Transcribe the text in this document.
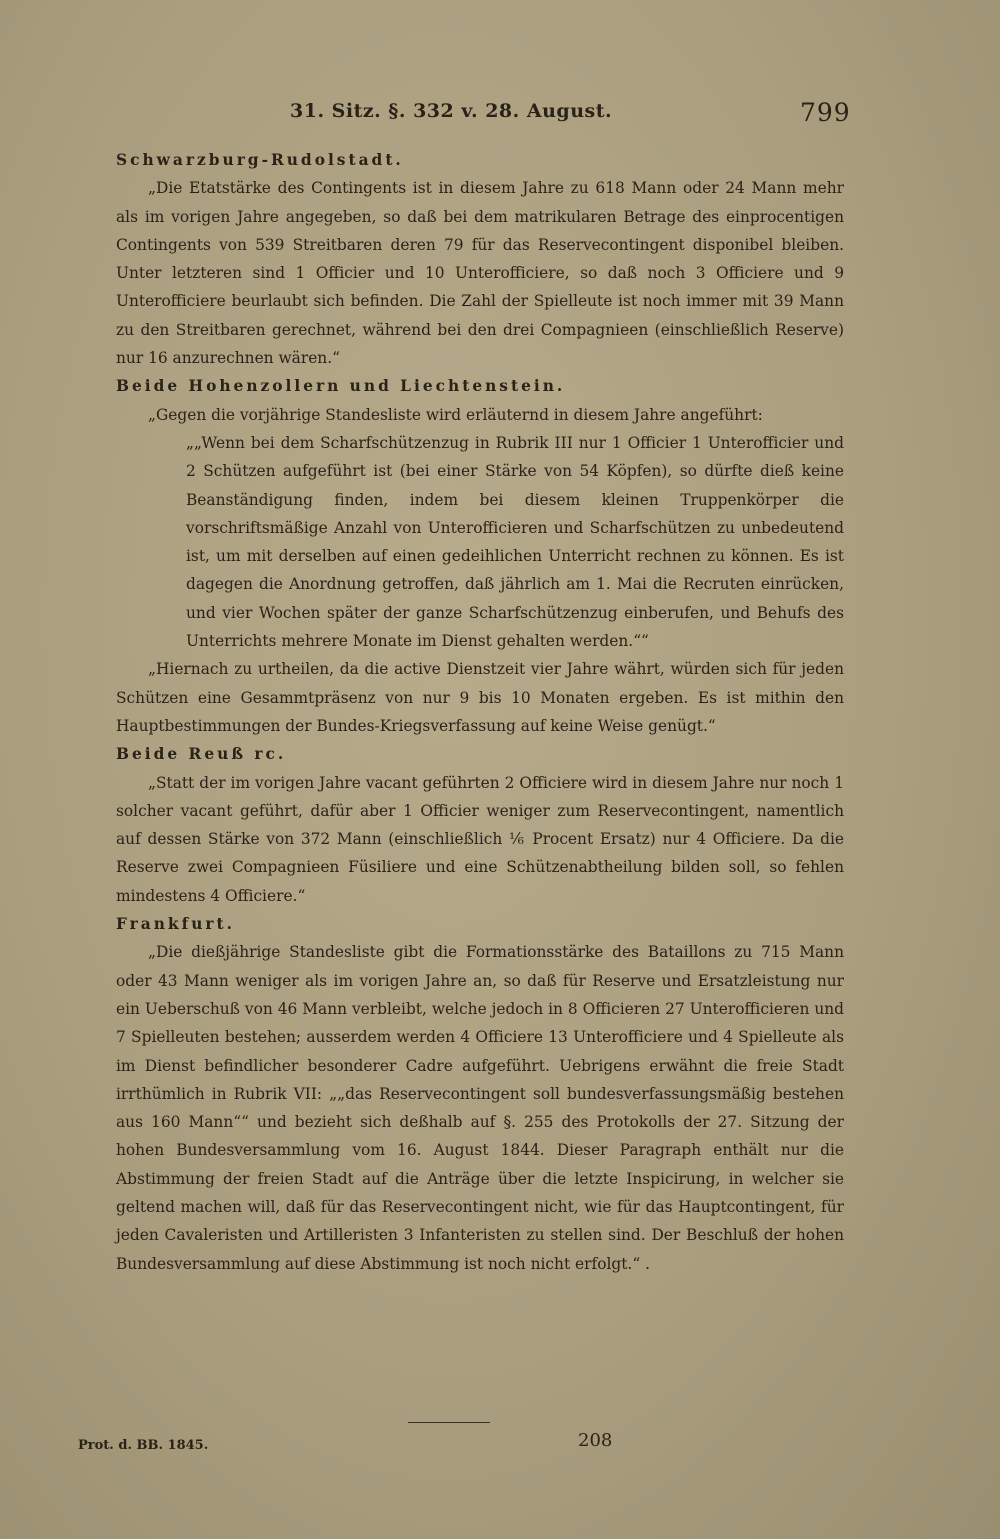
31. Sitz. §. 332 v. 28. August.	799

Schwarzburg-Rudolstadt.

„Die Etatstärke des Contingents ist in diesem Jahre zu 618 Mann oder 24 Mann mehr als im vorigen Jahre angegeben, so daß bei dem matrikularen Betrage des einprocentigen Contingents von 539 Streitbaren deren 79 für das Reservecontingent disponibel bleiben. Unter letzteren sind 1 Officier und 10 Unterofficiere, so daß noch 3 Officiere und 9 Unterofficiere beurlaubt sich befinden. Die Zahl der Spielleute ist noch immer mit 39 Mann zu den Streitbaren gerechnet, während bei den drei Compagnieen (einschließlich Reserve) nur 16 anzurechnen wären.“

Beide Hohenzollern und Liechtenstein.

„Gegen die vorjährige Standesliste wird erläuternd in diesem Jahre angeführt:

„„Wenn bei dem Scharfschützenzug in Rubrik III nur 1 Officier 1 Unterofficier und 2 Schützen aufgeführt ist (bei einer Stärke von 54 Köpfen), so dürfte dieß keine Beanständigung finden, indem bei diesem kleinen Truppenkörper die vorschriftsmäßige Anzahl von Unterofficieren und Scharfschützen zu unbedeutend ist, um mit derselben auf einen gedeihlichen Unterricht rechnen zu können. Es ist dagegen die Anordnung getroffen, daß jährlich am 1. Mai die Recruten einrücken, und vier Wochen später der ganze Scharfschützenzug einberufen, und Behufs des Unterrichts mehrere Monate im Dienst gehalten werden.““

„Hiernach zu urtheilen, da die active Dienstzeit vier Jahre währt, würden sich für jeden Schützen eine Gesammtpräsenz von nur 9 bis 10 Monaten ergeben. Es ist mithin den Hauptbestimmungen der Bundes-Kriegsverfassung auf keine Weise genügt.“

Beide Reuß rc.

„Statt der im vorigen Jahre vacant geführten 2 Officiere wird in diesem Jahre nur noch 1 solcher vacant geführt, dafür aber 1 Officier weniger zum Reservecontingent, namentlich auf dessen Stärke von 372 Mann (einschließlich ⅙ Procent Ersatz) nur 4 Officiere. Da die Reserve zwei Compagnieen Füsiliere und eine Schützenabtheilung bilden soll, so fehlen mindestens 4 Officiere.“

Frankfurt.

„Die dießjährige Standesliste gibt die Formationsstärke des Bataillons zu 715 Mann oder 43 Mann weniger als im vorigen Jahre an, so daß für Reserve und Ersatzleistung nur ein Ueberschuß von 46 Mann verbleibt, welche jedoch in 8 Officieren 27 Unterofficieren und 7 Spielleuten bestehen; ausserdem werden 4 Officiere 13 Unterofficiere und 4 Spielleute als im Dienst befindlicher besonderer Cadre aufgeführt. Uebrigens erwähnt die freie Stadt irrthümlich in Rubrik VII: „„das Reservecontingent soll bundesverfassungsmäßig bestehen aus 160 Mann““ und bezieht sich deßhalb auf §. 255 des Protokolls der 27. Sitzung der hohen Bundesversammlung vom 16. August 1844. Dieser Paragraph enthält nur die Abstimmung der freien Stadt auf die Anträge über die letzte Inspicirung, in welcher sie geltend machen will, daß für das Reservecontingent nicht, wie für das Hauptcontingent, für jeden Cavaleristen und Artilleristen 3 Infanteristen zu stellen sind. Der Beschluß der hohen Bundesversammlung auf diese Abstimmung ist noch nicht erfolgt.“ .

Prot. d. BB. 1845.	208
